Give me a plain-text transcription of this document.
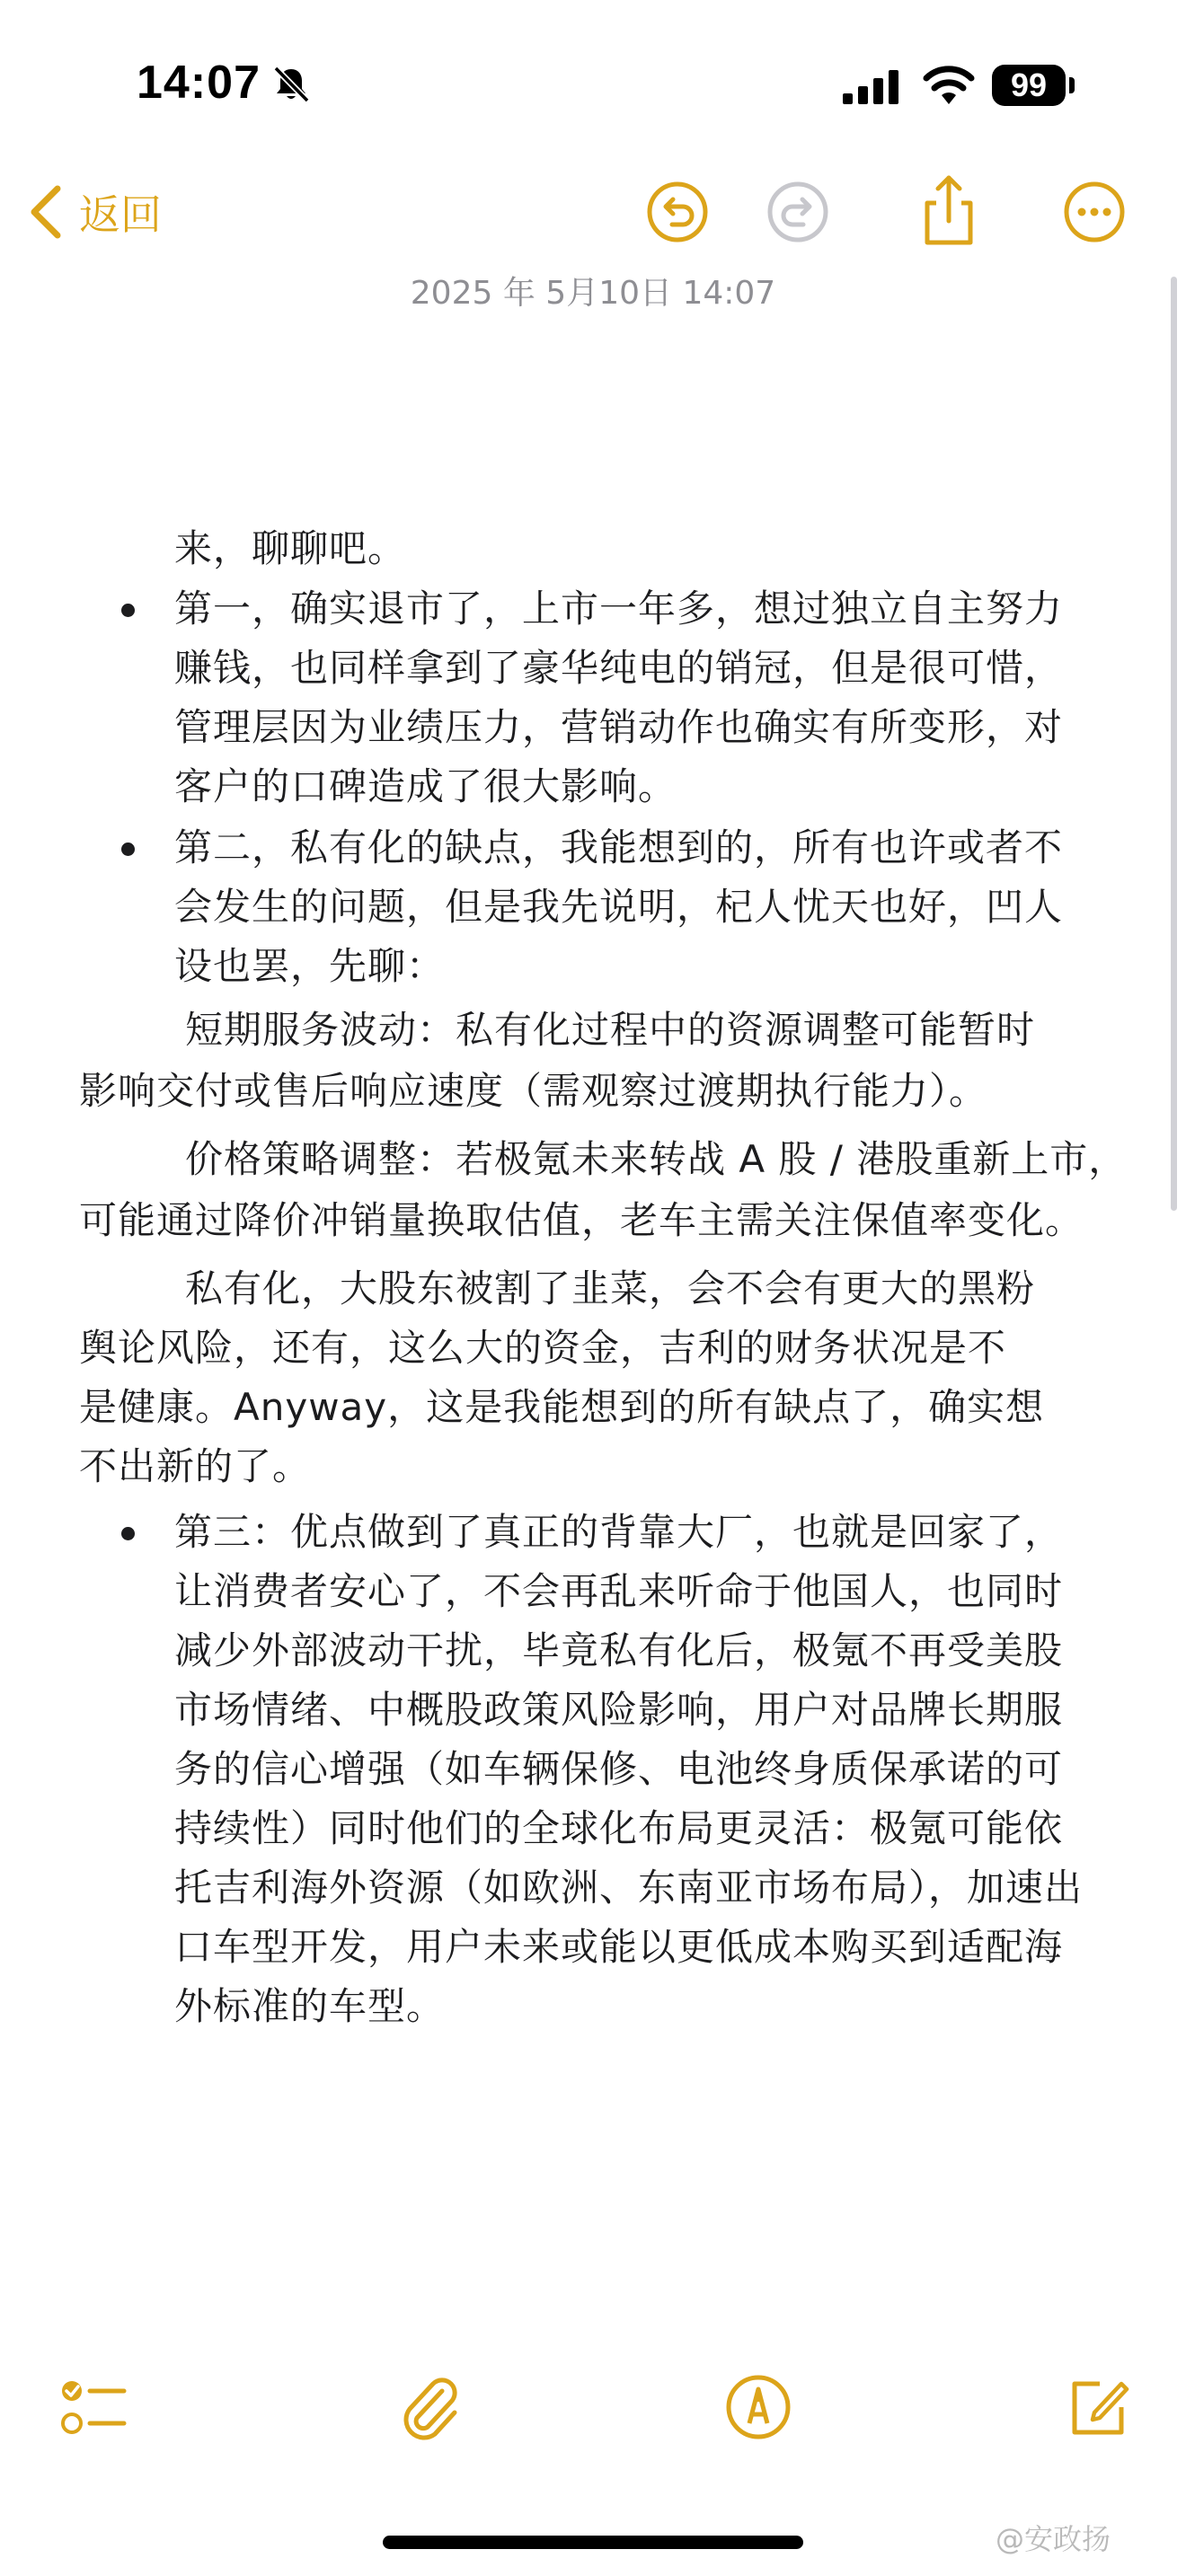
14:07	99
返回
2025 年 5月10日 14:07
来，聊聊吧。
第一，确实退市了，上市一年多，想过独立自主努力
赚钱，也同样拿到了豪华纯电的销冠，但是很可惜，
管理层因为业绩压力，营销动作也确实有所变形，对
客户的口碑造成了很大影响。
第二，私有化的缺点，我能想到的，所有也许或者不
会发生的问题，但是我先说明，杞人忧天也好，凹人
设也罢，先聊：
短期服务波动：私有化过程中的资源调整可能暂时
影响交付或售后响应速度（需观察过渡期执行能力）。
价格策略调整：若极氪未来转战 A 股 / 港股重新上市，
可能通过降价冲销量换取估值，老车主需关注保值率变化。
私有化，大股东被割了韭菜，会不会有更大的黑粉
舆论风险，还有，这么大的资金，吉利的财务状况是不
是健康。Anyway，这是我能想到的所有缺点了，确实想
不出新的了。
第三：优点做到了真正的背靠大厂，也就是回家了，
让消费者安心了，不会再乱来听命于他国人，也同时
减少外部波动干扰，毕竟私有化后，极氪不再受美股
市场情绪、中概股政策风险影响，用户对品牌长期服
务的信心增强（如车辆保修、电池终身质保承诺的可
持续性）同时他们的全球化布局更灵活：极氪可能依
托吉利海外资源（如欧洲、东南亚市场布局），加速出
口车型开发，用户未来或能以更低成本购买到适配海
外标准的车型。
@安政扬
